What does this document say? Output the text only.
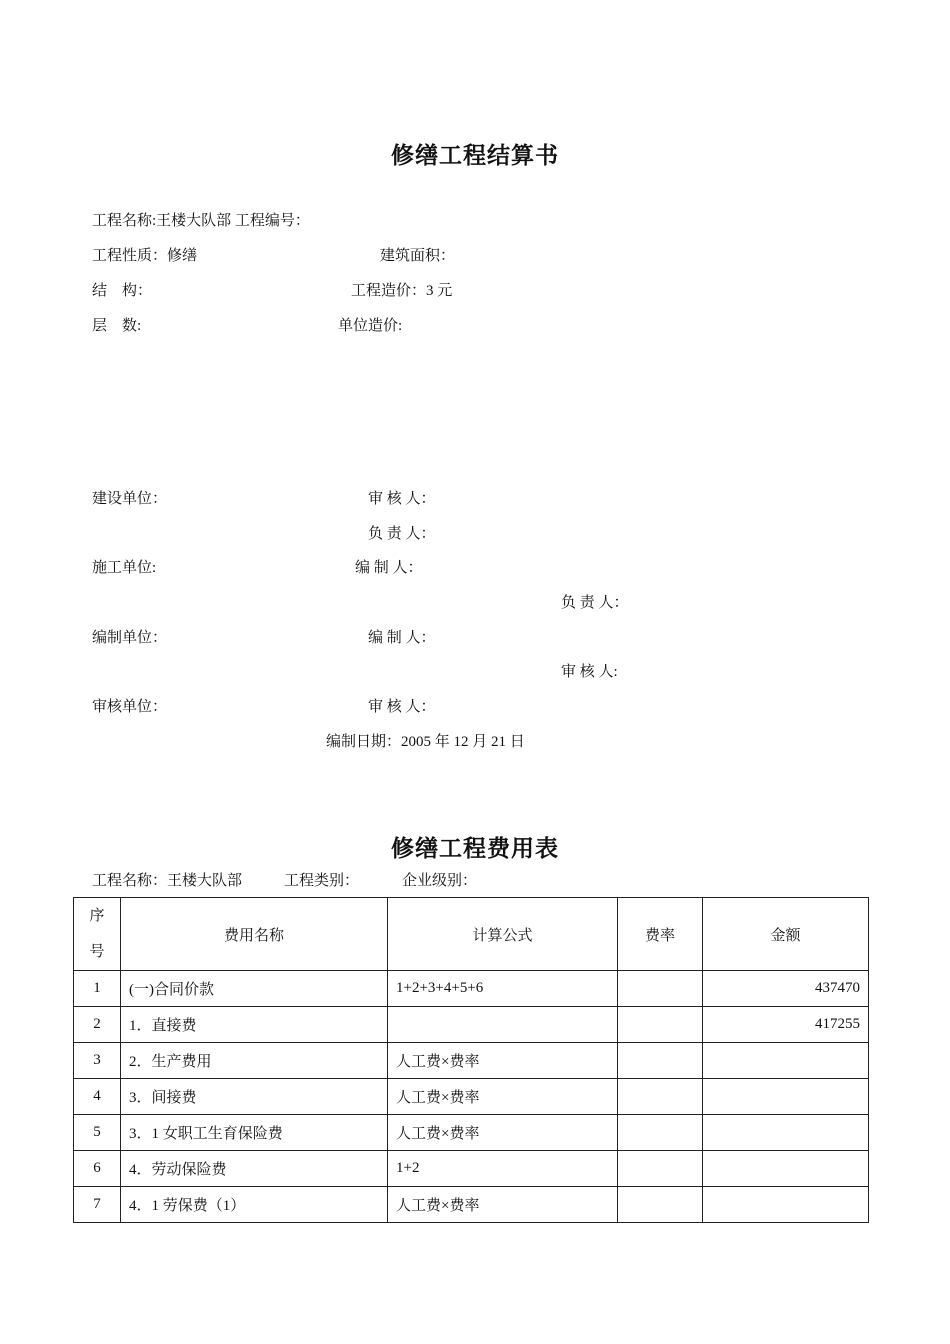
修缮工程结算书
工程名称:王楼大队部 工程编号：
工程性质：修缮	建筑面积：
结　构：	工程造价：3 元
层　数:	单位造价:
建设单位：	审 核 人：
负 责 人：
施工单位:	编 制 人：
负 责 人：
编制单位：	编 制 人：
审 核 人:
审核单位：	审 核 人：
编制日期：2005 年 12 月 21 日
修缮工程费用表
工程名称：王楼大队部	工程类别：	企业级别：
序
号	费用名称	计算公式	费率	金额
1	(一)合同价款	1+2+3+4+5+6		437470
2	1．直接费			417255
3	2．生产费用	人工费×费率		
4	3．间接费	人工费×费率		
5	3．1 女职工生育保险费	人工费×费率		
6	4．劳动保险费	1+2		
7	4．1 劳保费（1）	人工费×费率		
